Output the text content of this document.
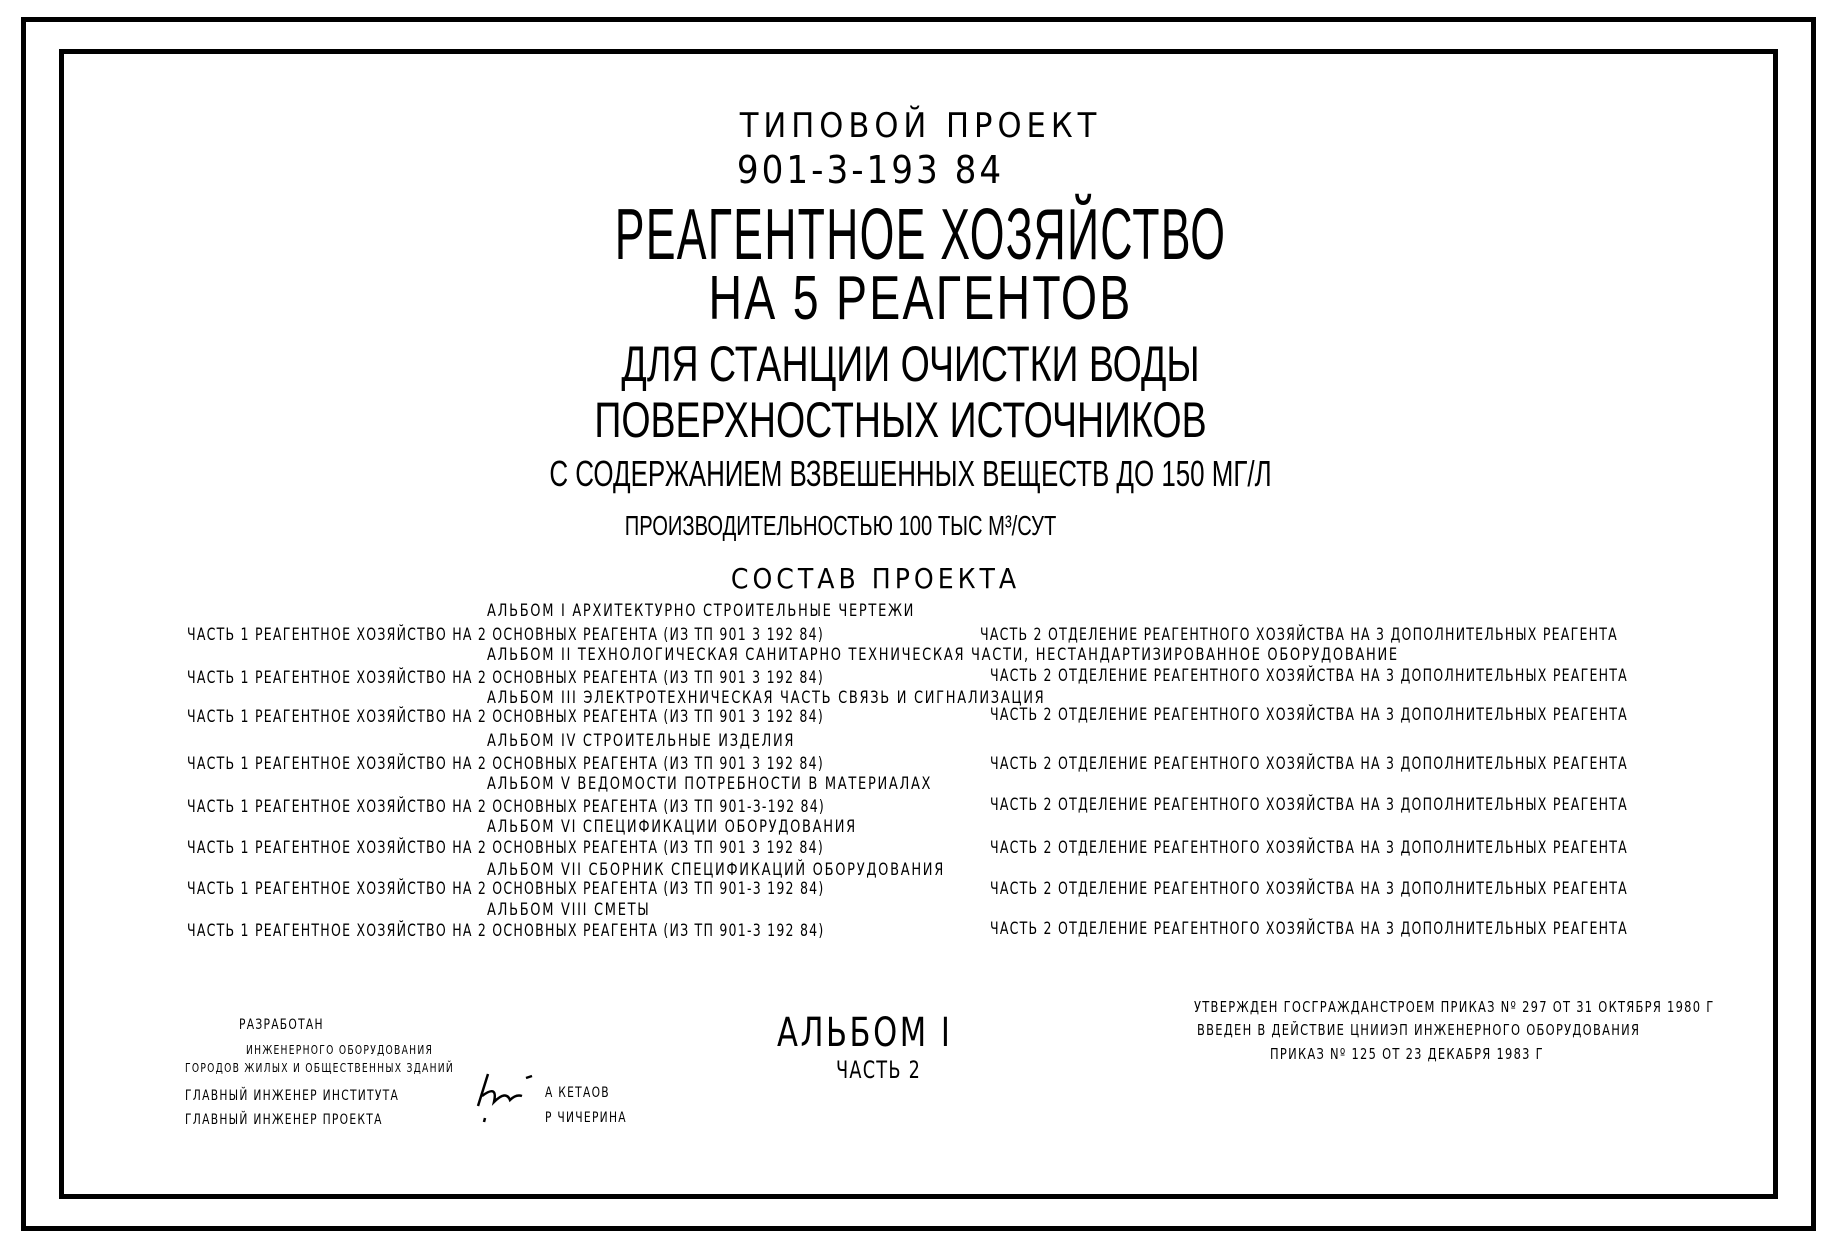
ТИПОВОЙ ПРОЕКТ
901-3-193 84
РЕАГЕНТНОЕ ХОЗЯЙСТВО
НА 5 РЕАГЕНТОВ
ДЛЯ СТАНЦИИ ОЧИСТКИ ВОДЫ
ПОВЕРХНОСТНЫХ ИСТОЧНИКОВ
С СОДЕРЖАНИЕМ ВЗВЕШЕННЫХ ВЕЩЕСТВ ДО 150 МГ/Л
ПРОИЗВОДИТЕЛЬНОСТЬЮ 100 ТЫС М³/СУТ
СОСТАВ ПРОЕКТА
АЛЬБОМ I АРХИТЕКТУРНО СТРОИТЕЛЬНЫЕ ЧЕРТЕЖИ
ЧАСТЬ 1 РЕАГЕНТНОЕ ХОЗЯЙСТВО НА 2 ОСНОВНЫХ РЕАГЕНТА (ИЗ ТП 901 3 192 84)	ЧАСТЬ 2 ОТДЕЛЕНИЕ РЕАГЕНТНОГО ХОЗЯЙСТВА НА 3 ДОПОЛНИТЕЛЬНЫХ РЕАГЕНТА
АЛЬБОМ II ТЕХНОЛОГИЧЕСКАЯ САНИТАРНО ТЕХНИЧЕСКАЯ ЧАСТИ, НЕСТАНДАРТИЗИРОВАННОЕ ОБОРУДОВАНИЕ
ЧАСТЬ 1 РЕАГЕНТНОЕ ХОЗЯЙСТВО НА 2 ОСНОВНЫХ РЕАГЕНТА (ИЗ ТП 901 3 192 84)	ЧАСТЬ 2 ОТДЕЛЕНИЕ РЕАГЕНТНОГО ХОЗЯЙСТВА НА 3 ДОПОЛНИТЕЛЬНЫХ РЕАГЕНТА
АЛЬБОМ III ЭЛЕКТРОТЕХНИЧЕСКАЯ ЧАСТЬ СВЯЗЬ И СИГНАЛИЗАЦИЯ
ЧАСТЬ 1 РЕАГЕНТНОЕ ХОЗЯЙСТВО НА 2 ОСНОВНЫХ РЕАГЕНТА (ИЗ ТП 901 3 192 84)	ЧАСТЬ 2 ОТДЕЛЕНИЕ РЕАГЕНТНОГО ХОЗЯЙСТВА НА 3 ДОПОЛНИТЕЛЬНЫХ РЕАГЕНТА
АЛЬБОМ IV СТРОИТЕЛЬНЫЕ ИЗДЕЛИЯ
ЧАСТЬ 1 РЕАГЕНТНОЕ ХОЗЯЙСТВО НА 2 ОСНОВНЫХ РЕАГЕНТА (ИЗ ТП 901 3 192 84)	ЧАСТЬ 2 ОТДЕЛЕНИЕ РЕАГЕНТНОГО ХОЗЯЙСТВА НА 3 ДОПОЛНИТЕЛЬНЫХ РЕАГЕНТА
АЛЬБОМ V ВЕДОМОСТИ ПОТРЕБНОСТИ В МАТЕРИАЛАХ
ЧАСТЬ 1 РЕАГЕНТНОЕ ХОЗЯЙСТВО НА 2 ОСНОВНЫХ РЕАГЕНТА (ИЗ ТП 901-3-192 84)	ЧАСТЬ 2 ОТДЕЛЕНИЕ РЕАГЕНТНОГО ХОЗЯЙСТВА НА 3 ДОПОЛНИТЕЛЬНЫХ РЕАГЕНТА
АЛЬБОМ VI СПЕЦИФИКАЦИИ ОБОРУДОВАНИЯ
ЧАСТЬ 1 РЕАГЕНТНОЕ ХОЗЯЙСТВО НА 2 ОСНОВНЫХ РЕАГЕНТА (ИЗ ТП 901 3 192 84)	ЧАСТЬ 2 ОТДЕЛЕНИЕ РЕАГЕНТНОГО ХОЗЯЙСТВА НА 3 ДОПОЛНИТЕЛЬНЫХ РЕАГЕНТА
АЛЬБОМ VII СБОРНИК СПЕЦИФИКАЦИЙ ОБОРУДОВАНИЯ
ЧАСТЬ 1 РЕАГЕНТНОЕ ХОЗЯЙСТВО НА 2 ОСНОВНЫХ РЕАГЕНТА (ИЗ ТП 901-3 192 84)	ЧАСТЬ 2 ОТДЕЛЕНИЕ РЕАГЕНТНОГО ХОЗЯЙСТВА НА 3 ДОПОЛНИТЕЛЬНЫХ РЕАГЕНТА
АЛЬБОМ VIII СМЕТЫ
ЧАСТЬ 1 РЕАГЕНТНОЕ ХОЗЯЙСТВО НА 2 ОСНОВНЫХ РЕАГЕНТА (ИЗ ТП 901-3 192 84)	ЧАСТЬ 2 ОТДЕЛЕНИЕ РЕАГЕНТНОГО ХОЗЯЙСТВА НА 3 ДОПОЛНИТЕЛЬНЫХ РЕАГЕНТА
РАЗРАБОТАН
ИНЖЕНЕРНОГО ОБОРУДОВАНИЯ
ГОРОДОВ ЖИЛЫХ И ОБЩЕСТВЕННЫХ ЗДАНИЙ
ГЛАВНЫЙ ИНЖЕНЕР ИНСТИТУТА	А КЕТАОВ
ГЛАВНЫЙ ИНЖЕНЕР ПРОЕКТА	Р ЧИЧЕРИНА
АЛЬБОМ I
ЧАСТЬ 2
УТВЕРЖДЕН ГОСГРАЖДАНСТРОЕМ ПРИКАЗ Nº 297 ОТ 31 ОКТЯБРЯ 1980 Г
ВВЕДЕН В ДЕЙСТВИЕ ЦНИИЭП ИНЖЕНЕРНОГО ОБОРУДОВАНИЯ
ПРИКАЗ Nº 125 ОТ 23 ДЕКАБРЯ 1983 Г
